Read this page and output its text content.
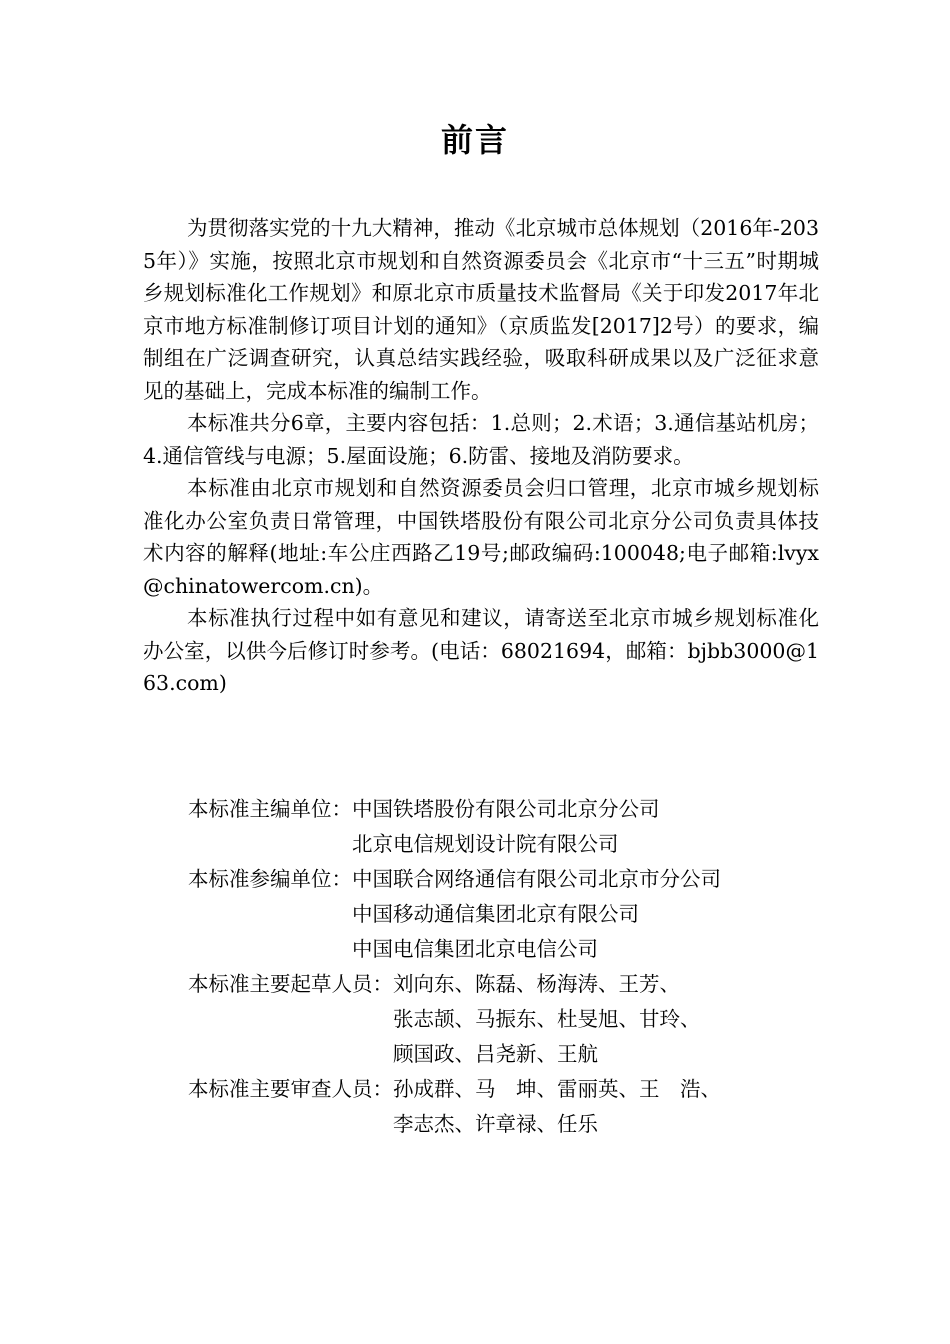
前言

为贯彻落实党的十九大精神，推动《北京城市总体规划（2016年-2035年）》实施，按照北京市规划和自然资源委员会《北京市“十三五”时期城乡规划标准化工作规划》和原北京市质量技术监督局《关于印发2017年北京市地方标准制修订项目计划的通知》（京质监发[2017]2号）的要求，编制组在广泛调查研究，认真总结实践经验，吸取科研成果以及广泛征求意见的基础上，完成本标准的编制工作。

本标准共分6章，主要内容包括：1.总则；2.术语；3.通信基站机房；4.通信管线与电源；5.屋面设施；6.防雷、接地及消防要求。

本标准由北京市规划和自然资源委员会归口管理，北京市城乡规划标准化办公室负责日常管理，中国铁塔股份有限公司北京分公司负责具体技术内容的解释(地址:车公庄西路乙19号;邮政编码:100048;电子邮箱:lvyx@chinatowercom.cn)。

本标准执行过程中如有意见和建议，请寄送至北京市城乡规划标准化办公室，以供今后修订时参考。(电话：68021694，邮箱：bjbb3000@163.com)

本标准主编单位： 中国铁塔股份有限公司北京分公司
北京电信规划设计院有限公司
本标准参编单位： 中国联合网络通信有限公司北京市分公司
中国移动通信集团北京有限公司
中国电信集团北京电信公司
本标准主要起草人员： 刘向东、陈磊、杨海涛、王芳、
张志颉、马振东、杜旻旭、甘玲、
顾国政、吕尧新、王航
本标准主要审查人员： 孙成群、马　坤、雷丽英、王　浩、
李志杰、许章禄、任乐
